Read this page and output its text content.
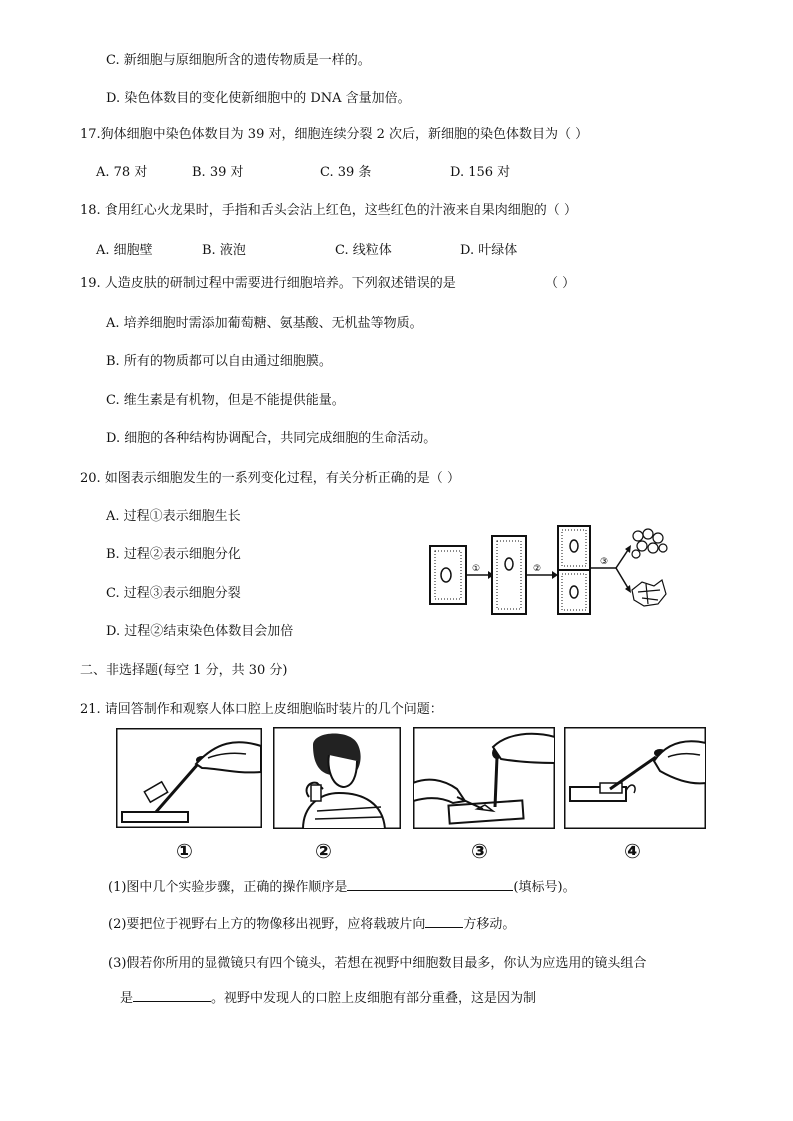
C. 新细胞与原细胞所含的遗传物质是一样的。
D. 染色体数目的变化使新细胞中的 DNA 含量加倍。
17.狗体细胞中染色体数目为 39 对，细胞连续分裂 2 次后，新细胞的染色体数目为（ ）
A. 78 对	B. 39 对	C. 39 条	D. 156 对
18. 食用红心火龙果时，手指和舌头会沾上红色，这些红色的汁液来自果肉细胞的（ ）
A. 细胞壁	B. 液泡	C. 线粒体	D. 叶绿体
19. 人造皮肤的研制过程中需要进行细胞培养。下列叙述错误的是	（ ）
A. 培养细胞时需添加葡萄糖、氨基酸、无机盐等物质。
B. 所有的物质都可以自由通过细胞膜。
C. 维生素是有机物，但是不能提供能量。
D. 细胞的各种结构协调配合，共同完成细胞的生命活动。
20. 如图表示细胞发生的一系列变化过程，有关分析正确的是（ ）
A. 过程①表示细胞生长
B. 过程②表示细胞分化
C. 过程③表示细胞分裂
D. 过程②结束染色体数目会加倍
①	②
③
二、非选择题(每空 1 分，共 30 分)
21. 请回答制作和观察人体口腔上皮细胞临时装片的几个问题：
①	②	③	④
(1)图中几个实验步骤，正确的操作顺序是	(填标号)。
(2)要把位于视野右上方的物像移出视野，应将载玻片向	方移动。
(3)假若你所用的显微镜只有四个镜头，若想在视野中细胞数目最多，你认为应选用的镜头组合
是	。视野中发现人的口腔上皮细胞有部分重叠，这是因为制
